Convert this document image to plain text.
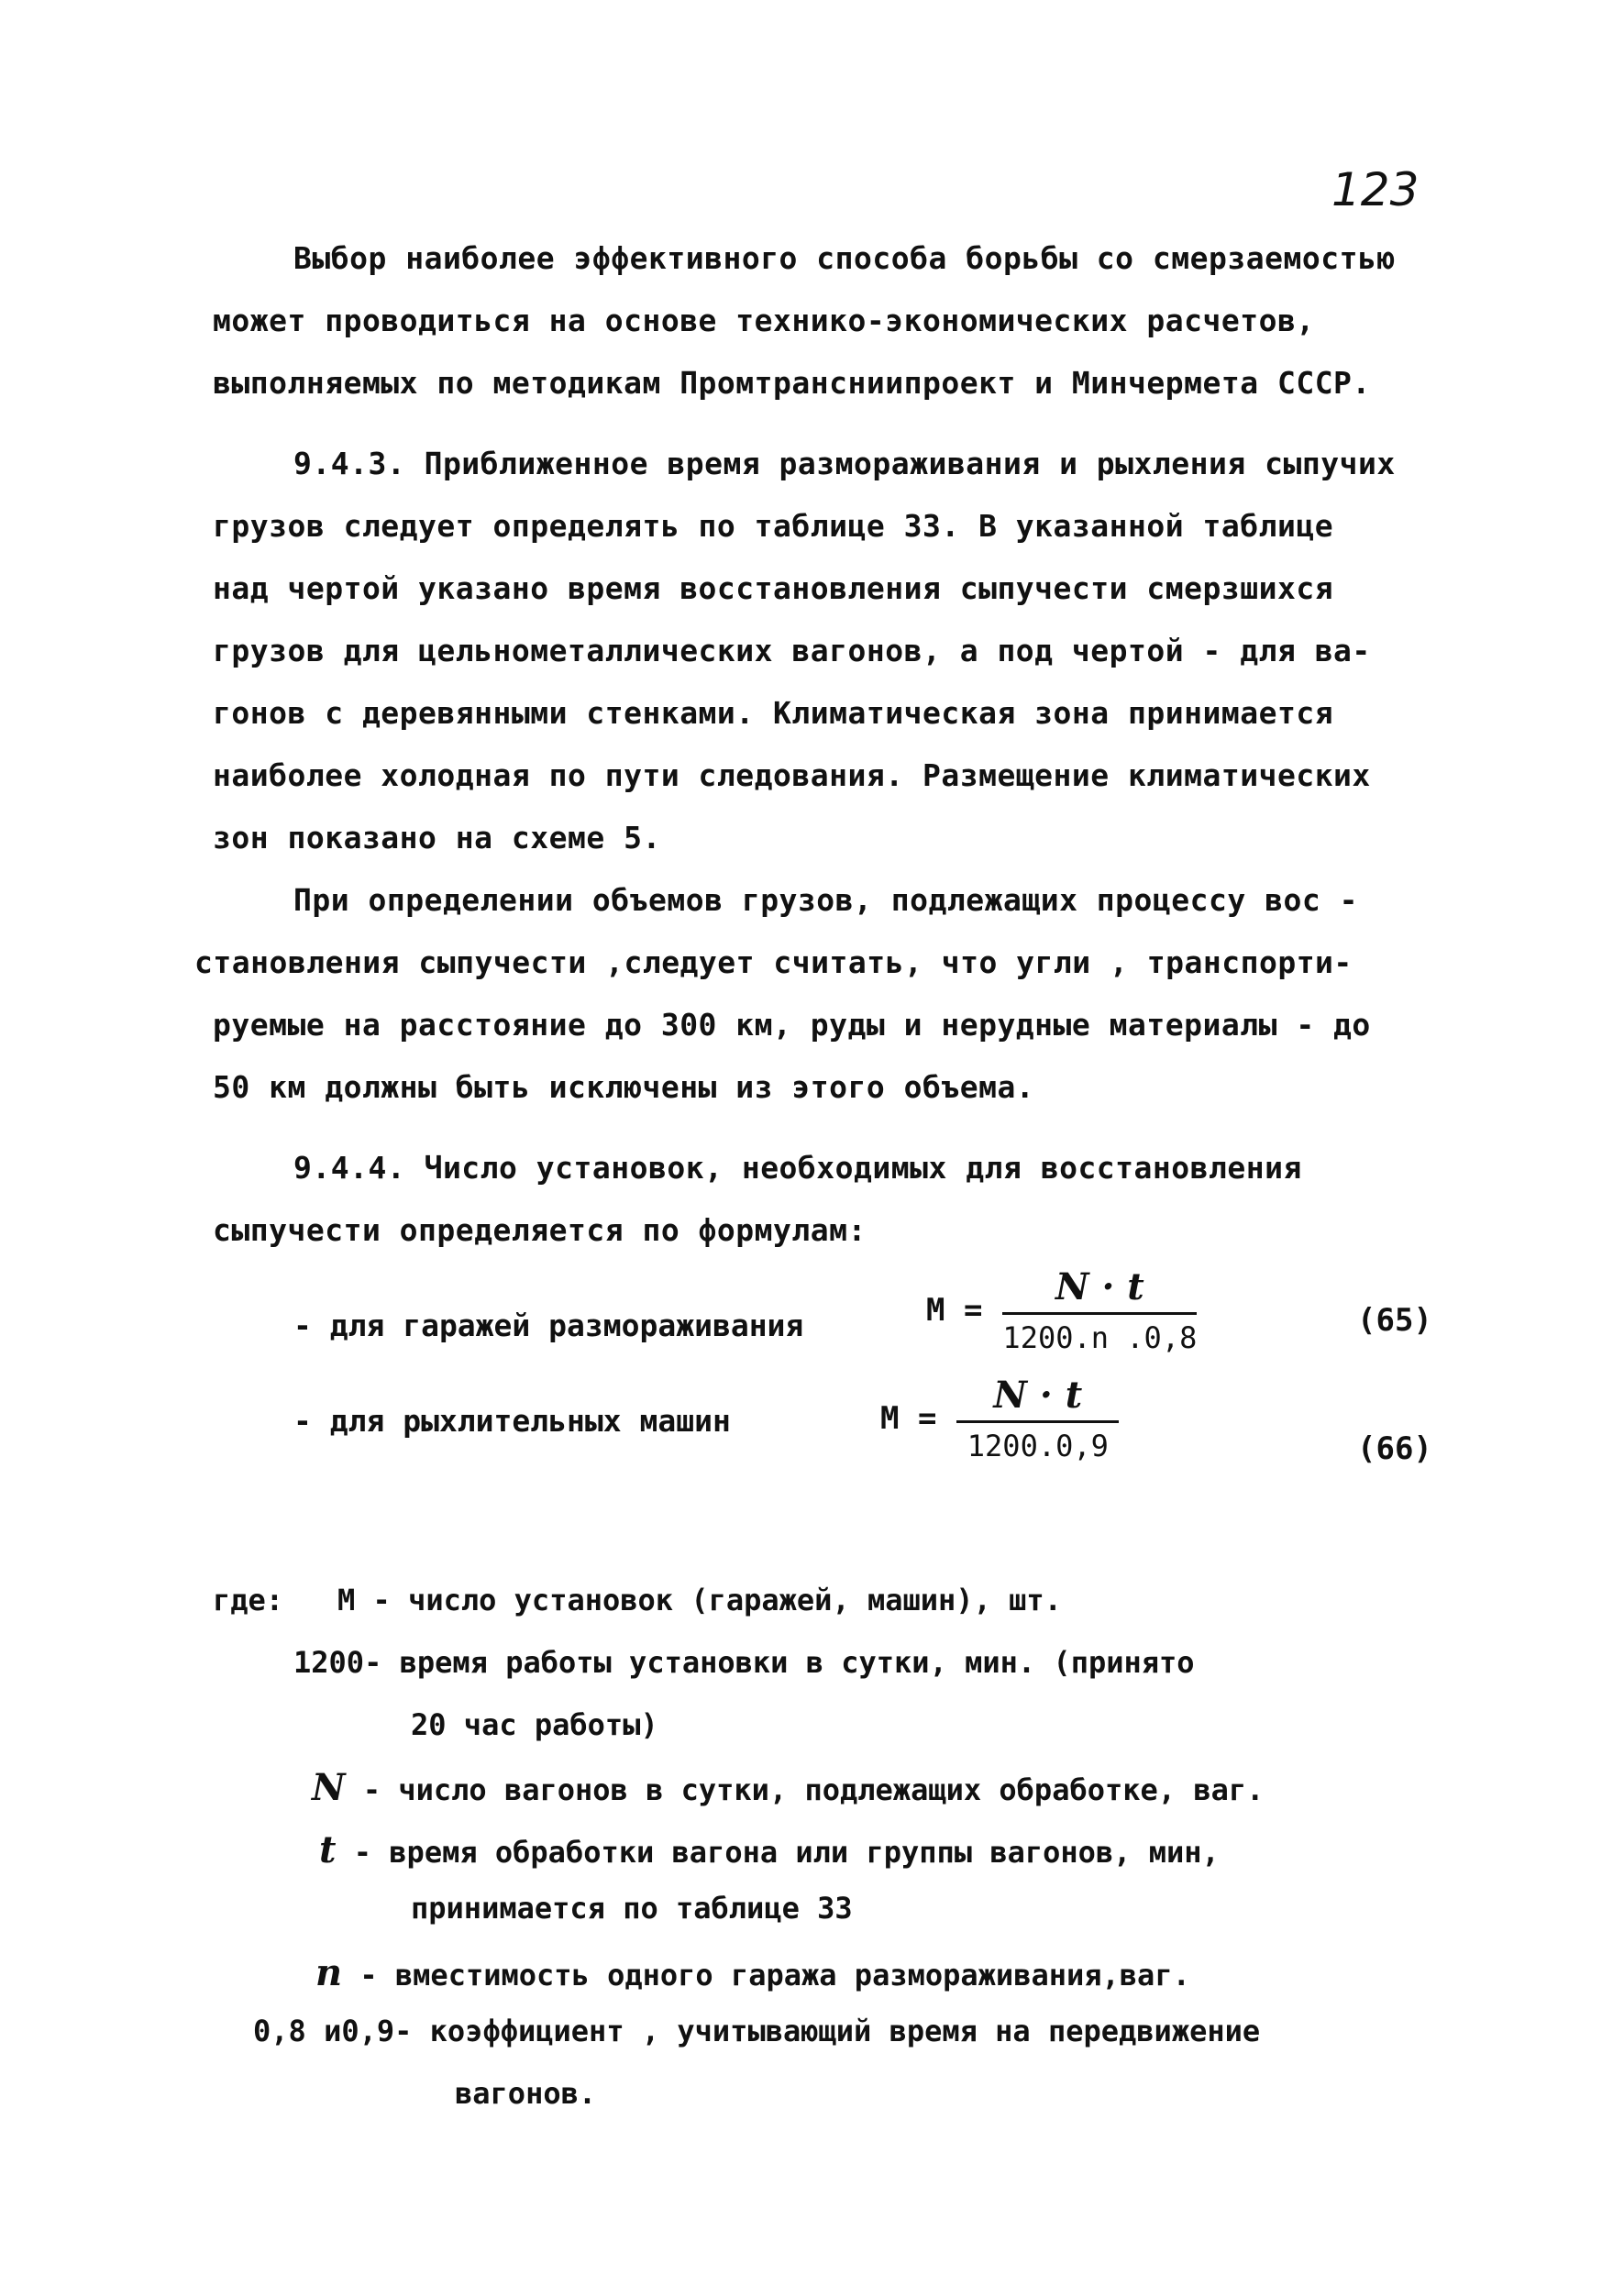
123
Выбор наиболее эффективного способа борьбы со смерзаемостью
может проводиться на основе технико-экономических расчетов,
выполняемых по методикам Промтрансниипроект и Минчермета СССР.
9.4.3. Приближенное время размораживания и рыхления сыпучих
грузов следует определять по таблице 33. В указанной таблице
над чертой указано время восстановления сыпучести смерзшихся
грузов для цельнометаллических вагонов, а под чертой - для ва-
гонов с деревянными стенками. Климатическая зона принимается
наиболее холодная по пути следования. Размещение климатических
зон показано на схеме 5.
При определении объемов грузов, подлежащих процессу вос -
становления сыпучести ,следует считать, что угли , транспорти-
руемые на расстояние до 300 км, руды и нерудные материалы - до
50 км должны быть исключены из этого объема.
9.4.4. Число установок, необходимых для восстановления
сыпучести определяется по формулам:
- для гаражей размораживания	$М = \frac{N \cdot t}{1200.n .0,8}$	(65)
- для рыхлительных машин	$М = \frac{N \cdot t}{1200.0,9}$	(66)
где: М - число установок (гаражей, машин), шт.
1200- время работы установки в сутки, мин. (принято
20 час работы)
N - число вагонов в сутки, подлежащих обработке, ваг.
t - время обработки вагона или группы вагонов, мин,
принимается по таблице 33
n - вместимость одного гаража размораживания,ваг.
0,8 и0,9- коэффициент , учитывающий время на передвижение
вагонов.
